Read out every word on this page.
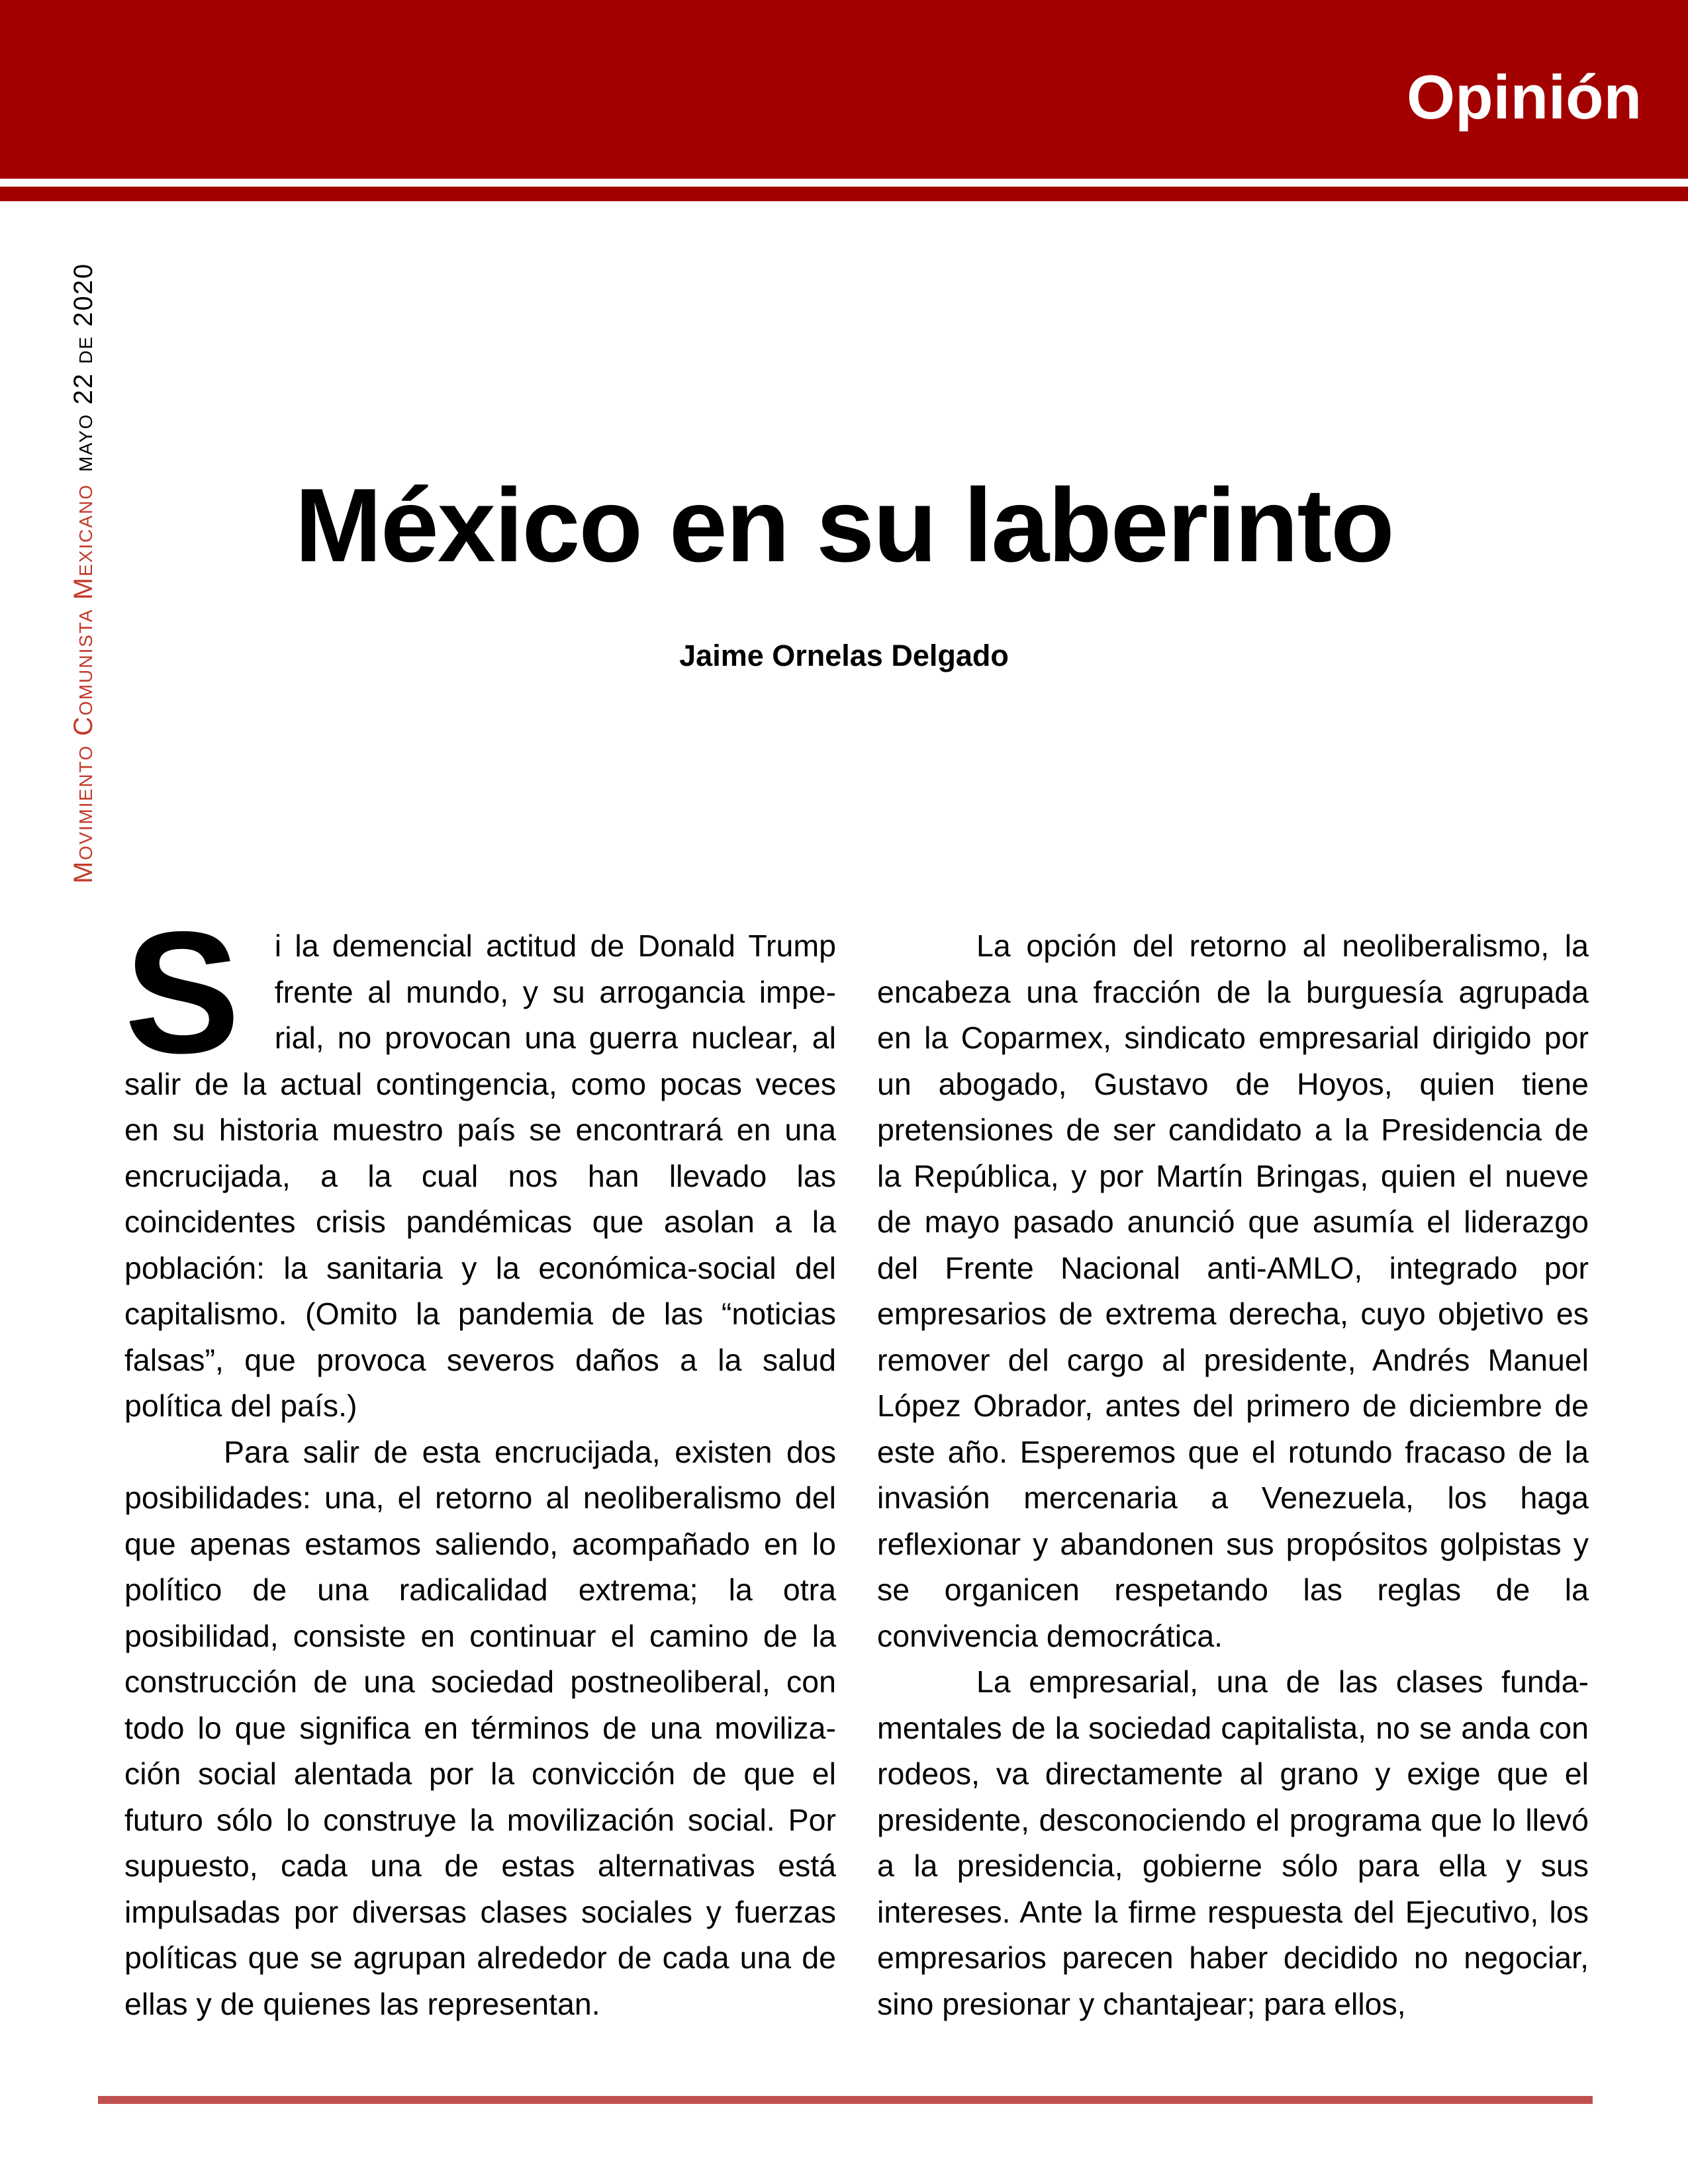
Opinión
Movimiento Comunista Mexicanomayo 22 de 2020
México en su laberinto
Jaime Ornelas Delgado

S i la demencial actitud de Donald Trump frente al mundo, y su arrogancia imperial, no provocan una guerra nuclear, al salir de la actual contingencia, como pocas veces en su historia muestro país se encontrará en una encrucijada, a la cual nos han llevado las coincidentes crisis pandémicas que asolan a la población: la sanitaria y la económica-social del capitalismo. (Omito la pandemia de las “noticias falsas”, que provoca severos daños a la salud política del país.)

Para salir de esta encrucijada, existen dos posibilidades: una, el retorno al neoliberalismo del que apenas estamos saliendo, acompañado en lo político de una radicalidad extrema; la otra posibilidad, consiste en continuar el camino de la construcción de una sociedad postneoliberal, con todo lo que significa en términos de una movilización social alentada por la convicción de que el futuro sólo lo construye la movilización social. Por supuesto, cada una de estas alternativas está impulsadas por diversas clases sociales y fuerzas políticas que se agrupan alrededor de cada una de ellas y de quienes las representan.

La opción del retorno al neoliberalismo, la encabeza una fracción de la burguesía agrupada en la Coparmex, sindicato empresarial dirigido por un abogado, Gustavo de Hoyos, quien tiene pretensiones de ser candidato a la Presidencia de la República, y por Martín Bringas, quien el nueve de mayo pasado anunció que asumía el liderazgo del Frente Nacional anti-AMLO, integrado por empresarios de extrema derecha, cuyo objetivo es remover del cargo al presidente, Andrés Manuel López Obrador, antes del primero de diciembre de este año. Esperemos que el rotundo fracaso de la invasión mercenaria a Venezuela, los haga reflexionar y abandonen sus propósitos golpistas y se organicen respetando las reglas de la convivencia democrática.

La empresarial, una de las clases fundamentales de la sociedad capitalista, no se anda con rodeos, va directamente al grano y exige que el presidente, desconociendo el programa que lo llevó a la presidencia, gobierne sólo para ella y sus intereses. Ante la firme respuesta del Ejecutivo, los empresarios parecen haber decidido no negociar, sino presionar y chantajear; para ellos,
